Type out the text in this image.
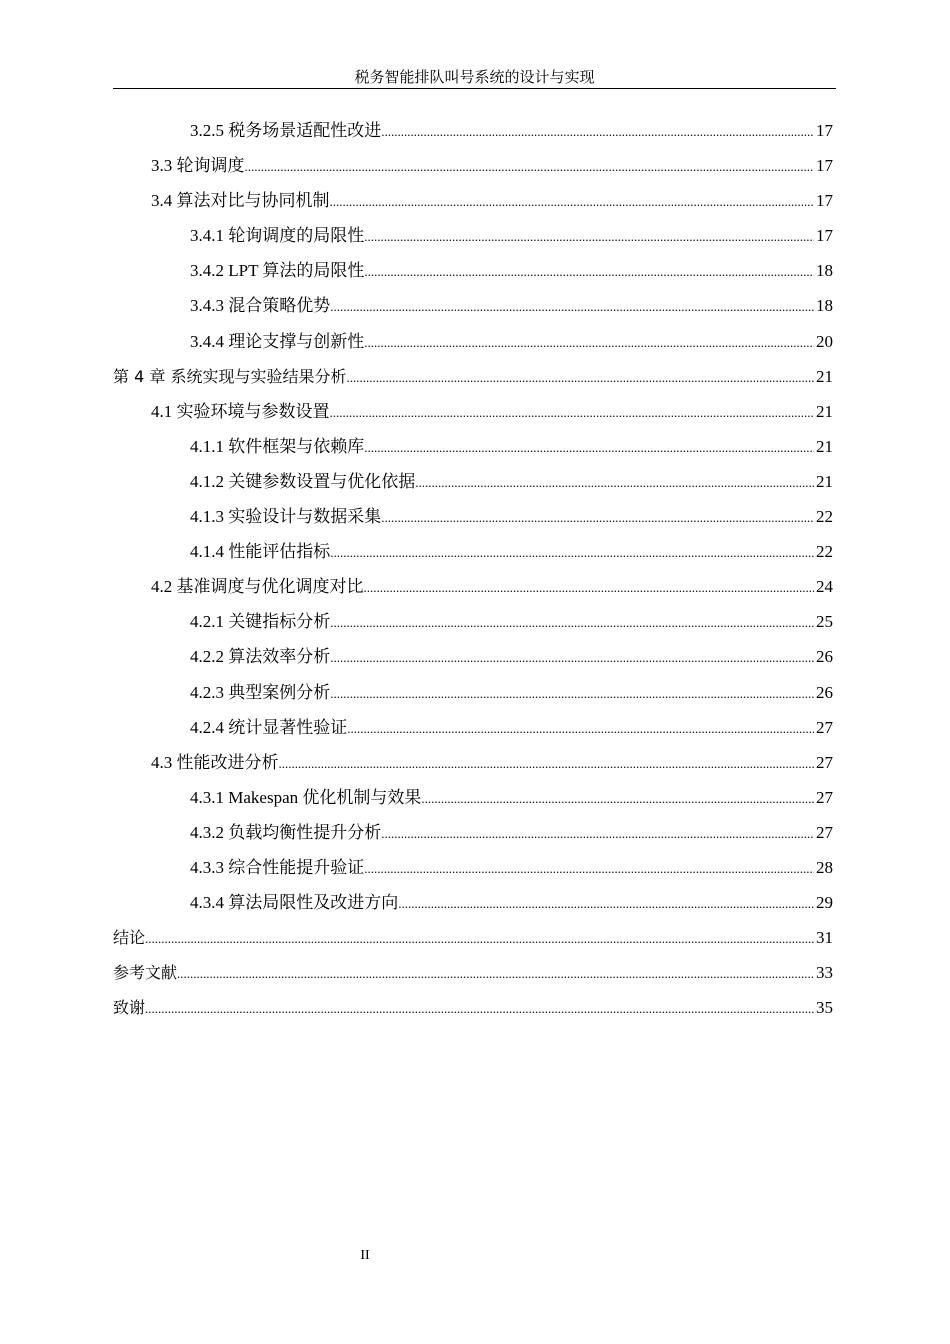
税务智能排队叫号系统的设计与实现
3.2.5 税务场景适配性改进 .....	17
3.3 轮询调度 .....	17
3.4 算法对比与协同机制 .....	17
3.4.1 轮询调度的局限性 .....	17
3.4.2 LPT 算法的局限性 .....	18
3.4.3 混合策略优势 .....	18
3.4.4 理论支撑与创新性 .....	20
第 4 章 系统实现与实验结果分析 .....	21
4.1 实验环境与参数设置 .....	21
4.1.1 软件框架与依赖库 .....	21
4.1.2 关键参数设置与优化依据 .....	21
4.1.3 实验设计与数据采集 .....	22
4.1.4 性能评估指标 .....	22
4.2 基准调度与优化调度对比 .....	24
4.2.1 关键指标分析 .....	25
4.2.2 算法效率分析 .....	26
4.2.3 典型案例分析 .....	26
4.2.4 统计显著性验证 .....	27
4.3 性能改进分析 .....	27
4.3.1 Makespan 优化机制与效果 .....	27
4.3.2 负载均衡性提升分析 .....	27
4.3.3 综合性能提升验证 .....	28
4.3.4 算法局限性及改进方向 .....	29
结论 .....	31
参考文献 .....	33
致谢 .....	35
II
